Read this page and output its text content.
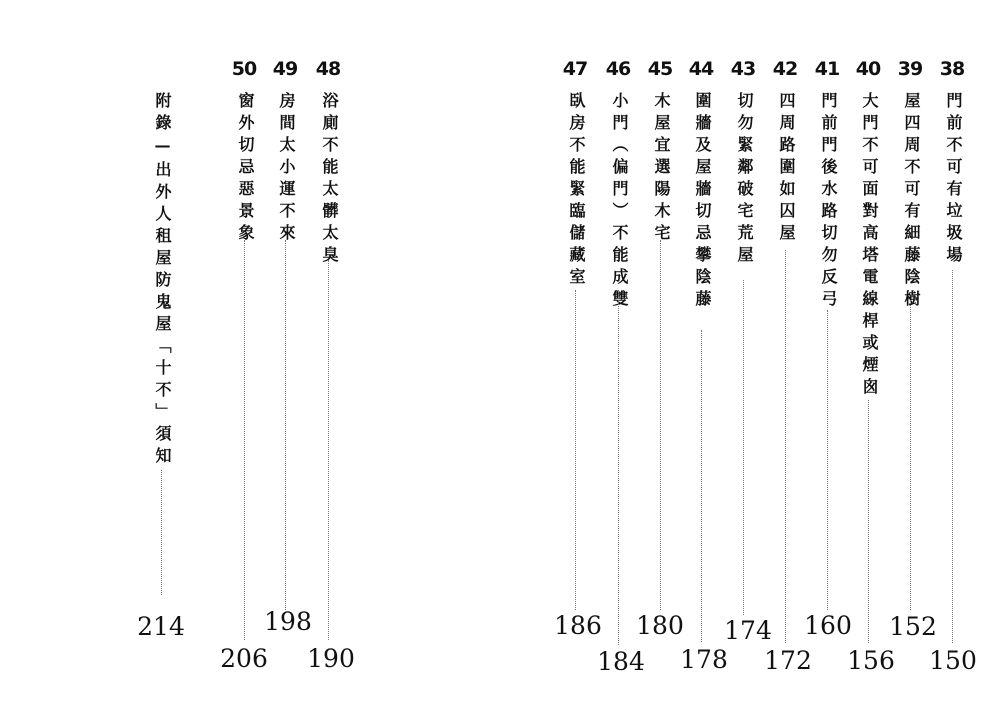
附錄—出外人租屋防鬼屋「十不」須知
214
50
窗外切忌惡景象
206
49
房間太小運不來
198
48
浴廁不能太髒太臭
190
47
臥房不能緊臨儲藏室
186
46
小門（偏門）不能成雙
184
45
木屋宜選陽木宅
180
44
圍牆及屋牆切忌攀陰藤
178
43
切勿緊鄰破宅荒屋
174
42
四周路圍如囚屋
172
41
門前門後水路切勿反弓
160
40
大門不可面對高塔電線桿或煙囪
156
39
屋四周不可有細藤陰樹
152
38
門前不可有垃圾場
150
